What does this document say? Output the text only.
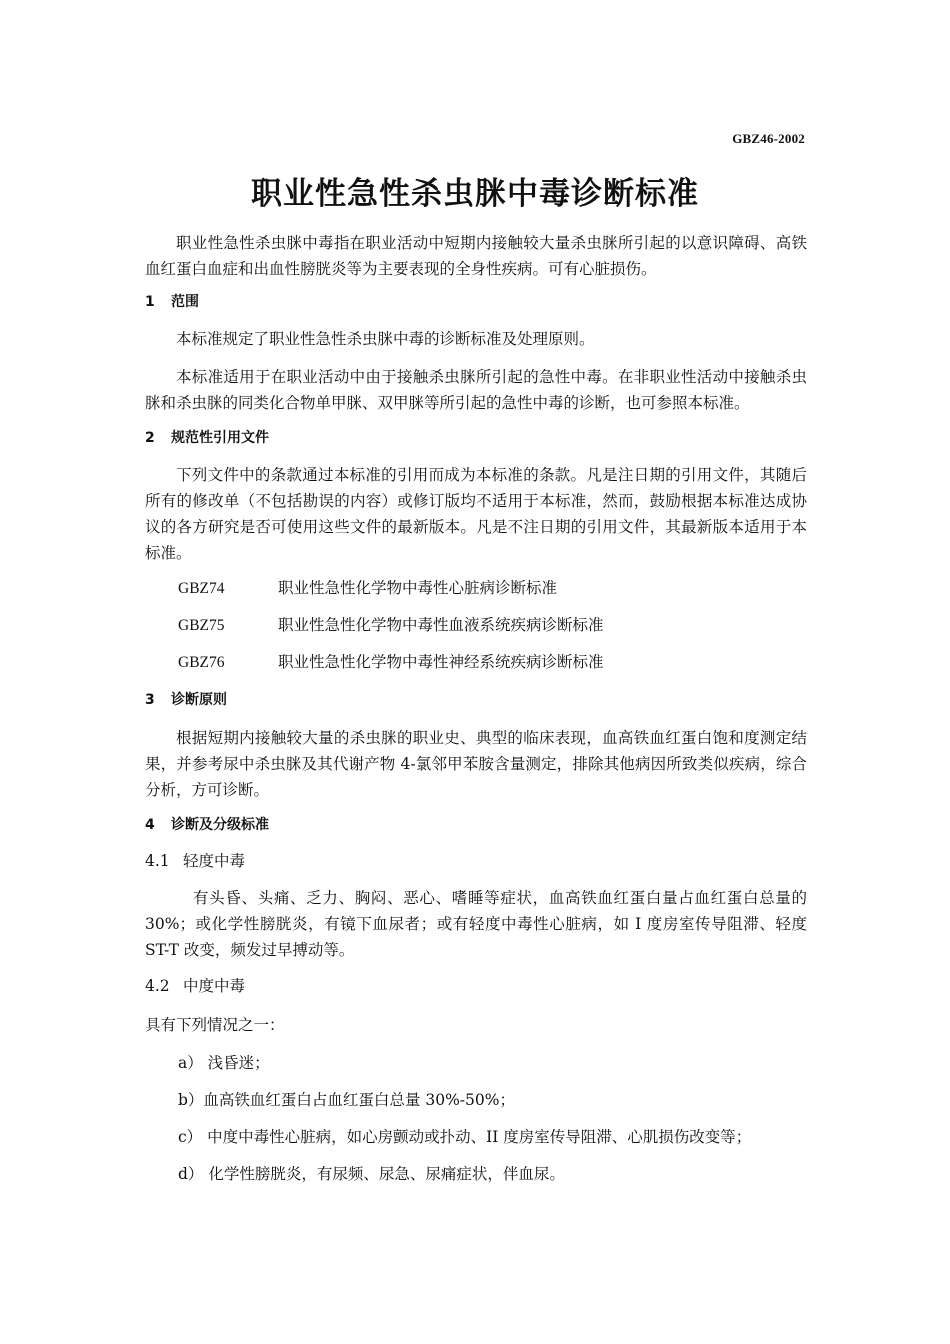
GBZ46-2002
职业性急性杀虫脒中毒诊断标准

职业性急性杀虫脒中毒指在职业活动中短期内接触较大量杀虫脒所引起的以意识障碍、高铁血红蛋白血症和出血性膀胱炎等为主要表现的全身性疾病。可有心脏损伤。

1 范围

本标准规定了职业性急性杀虫脒中毒的诊断标准及处理原则。

本标准适用于在职业活动中由于接触杀虫脒所引起的急性中毒。在非职业性活动中接触杀虫脒和杀虫脒的同类化合物单甲脒、双甲脒等所引起的急性中毒的诊断，也可参照本标准。

2 规范性引用文件

下列文件中的条款通过本标准的引用而成为本标准的条款。凡是注日期的引用文件，其随后所有的修改单（不包括勘误的内容）或修订版均不适用于本标准，然而，鼓励根据本标准达成协议的各方研究是否可使用这些文件的最新版本。凡是不注日期的引用文件，其最新版本适用于本标准。

GBZ74	职业性急性化学物中毒性心脏病诊断标准
GBZ75	职业性急性化学物中毒性血液系统疾病诊断标准
GBZ76	职业性急性化学物中毒性神经系统疾病诊断标准
3 诊断原则

根据短期内接触较大量的杀虫脒的职业史、典型的临床表现，血高铁血红蛋白饱和度测定结果，并参考尿中杀虫脒及其代谢产物 4-氯邻甲苯胺含量测定，排除其他病因所致类似疾病，综合分析，方可诊断。

4 诊断及分级标准
4.1 轻度中毒

有头昏、头痛、乏力、胸闷、恶心、嗜睡等症状，血高铁血红蛋白量占血红蛋白总量的 30%；或化学性膀胱炎，有镜下血尿者；或有轻度中毒性心脏病，如 I 度房室传导阻滞、轻度 ST-T 改变，频发过早搏动等。

4.2 中度中毒
具有下列情况之一：
a） 浅昏迷；
b）血高铁血红蛋白占血红蛋白总量 30%-50%；
c） 中度中毒性心脏病，如心房颤动或扑动、II 度房室传导阻滞、心肌损伤改变等；
d） 化学性膀胱炎，有尿频、尿急、尿痛症状，伴血尿。
